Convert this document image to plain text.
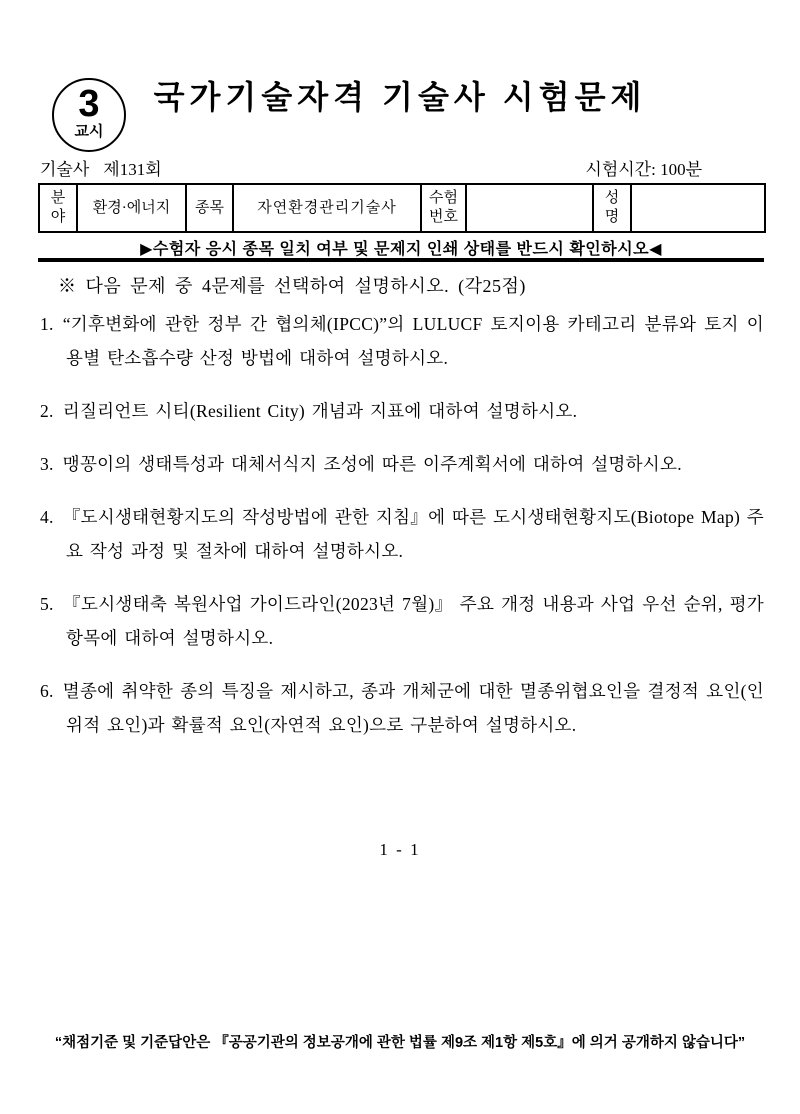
3
교시
국가기술자격 기술사 시험문제
기술사 제131회	시험시간: 100분
분야	환경·에너지	종목	자연환경관리기술사	수험번호		성명	
▶수험자 응시 종목 일치 여부 및 문제지 인쇄 상태를 반드시 확인하시오◀
※ 다음 문제 중 4문제를 선택하여 설명하시오. (각25점)
1. “기후변화에 관한 정부 간 협의체(IPCC)”의 LULUCF 토지이용 카테고리 분류와 토지 이용별 탄소흡수량 산정 방법에 대하여 설명하시오.
2. 리질리언트 시티(Resilient City) 개념과 지표에 대하여 설명하시오.
3. 맹꽁이의 생태특성과 대체서식지 조성에 따른 이주계획서에 대하여 설명하시오.
4. 『도시생태현황지도의 작성방법에 관한 지침』에 따른 도시생태현황지도(Biotope Map) 주요 작성 과정 및 절차에 대하여 설명하시오.
5. 『도시생태축 복원사업 가이드라인(2023년 7월)』 주요 개정 내용과 사업 우선 순위, 평가항목에 대하여 설명하시오.
6. 멸종에 취약한 종의 특징을 제시하고, 종과 개체군에 대한 멸종위협요인을 결정적 요인(인위적 요인)과 확률적 요인(자연적 요인)으로 구분하여 설명하시오.
1 - 1
“채점기준 및 기준답안은 『공공기관의 정보공개에 관한 법률 제9조 제1항 제5호』에 의거 공개하지 않습니다”
